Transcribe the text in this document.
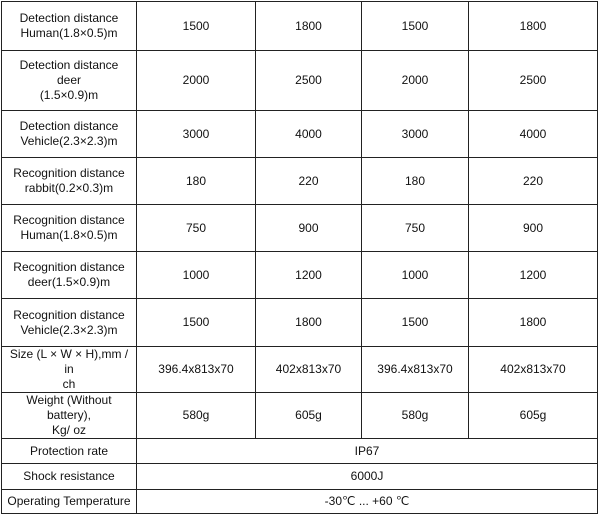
Detection distance
Human(1.8×0.5)m	1500	1800	1500	1800
Detection distance
deer
(1.5×0.9)m	2000	2500	2000	2500
Detection distance
Vehicle(2.3×2.3)m	3000	4000	3000	4000
Recognition distance
rabbit(0.2×0.3)m	180	220	180	220
Recognition distance
Human(1.8×0.5)m	750	900	750	900
Recognition distance
deer(1.5×0.9)m	1000	1200	1000	1200
Recognition distance
Vehicle(2.3×2.3)m	1500	1800	1500	1800
Size (L × W × H),mm / in
ch	396.4x813x70	402x813x70	396.4x813x70	402x813x70
Weight (Without battery),
Kg/ oz	580g	605g	580g	605g
Protection rate	IP67			
Shock resistance	6000J			
Operating Temperature	-30℃ ... +60 ℃			
